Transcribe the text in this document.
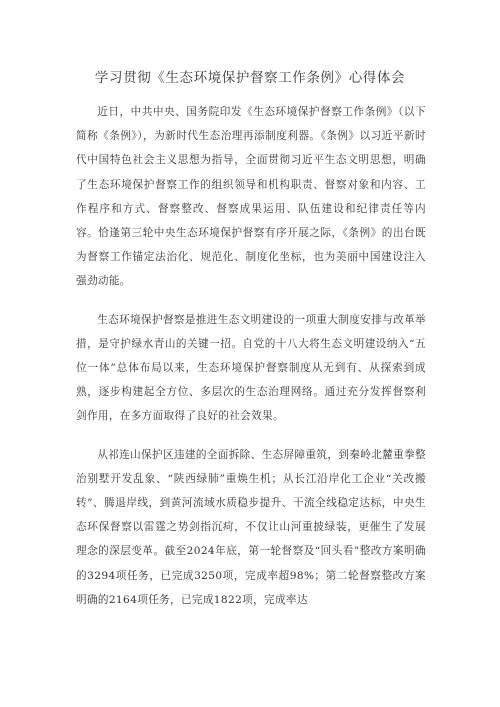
学习贯彻《生态环境保护督察工作条例》心得体会

近日，中共中央、国务院印发《生态环境保护督察工作条例》（以下简称《条例》），为新时代生态治理再添制度利器。《条例》以习近平新时代中国特色社会主义思想为指导，全面贯彻习近平生态文明思想，明确了生态环境保护督察工作的组织领导和机构职责、督察对象和内容、工作程序和方式、督察整改、督察成果运用、队伍建设和纪律责任等内容。恰逢第三轮中央生态环境保护督察有序开展之际，《条例》的出台既为督察工作锚定法治化、规范化、制度化坐标，也为美丽中国建设注入强劲动能。

生态环境保护督察是推进生态文明建设的一项重大制度安排与改革举措，是守护绿水青山的关键一招。自党的十八大将生态文明建设纳入“五位一体”总体布局以来，生态环境保护督察制度从无到有、从探索到成熟，逐步构建起全方位、多层次的生态治理网络。通过充分发挥督察利剑作用，在多方面取得了良好的社会效果。

从祁连山保护区违建的全面拆除、生态屏障重筑，到秦岭北麓重拳整治别墅开发乱象、“陕西绿肺”重焕生机；从长江沿岸化工企业“关改搬转”、腾退岸线，到黄河流域水质稳步提升、干流全线稳定达标，中央生态环保督察以雷霆之势剑指沉疴，不仅让山河重披绿装，更催生了发展理念的深层变革。截至2024年底，第一轮督察及“回头看”整改方案明确的3294项任务，已完成3250项，完成率超98%；第二轮督察整改方案明确的2164项任务，已完成1822项，完成率达
